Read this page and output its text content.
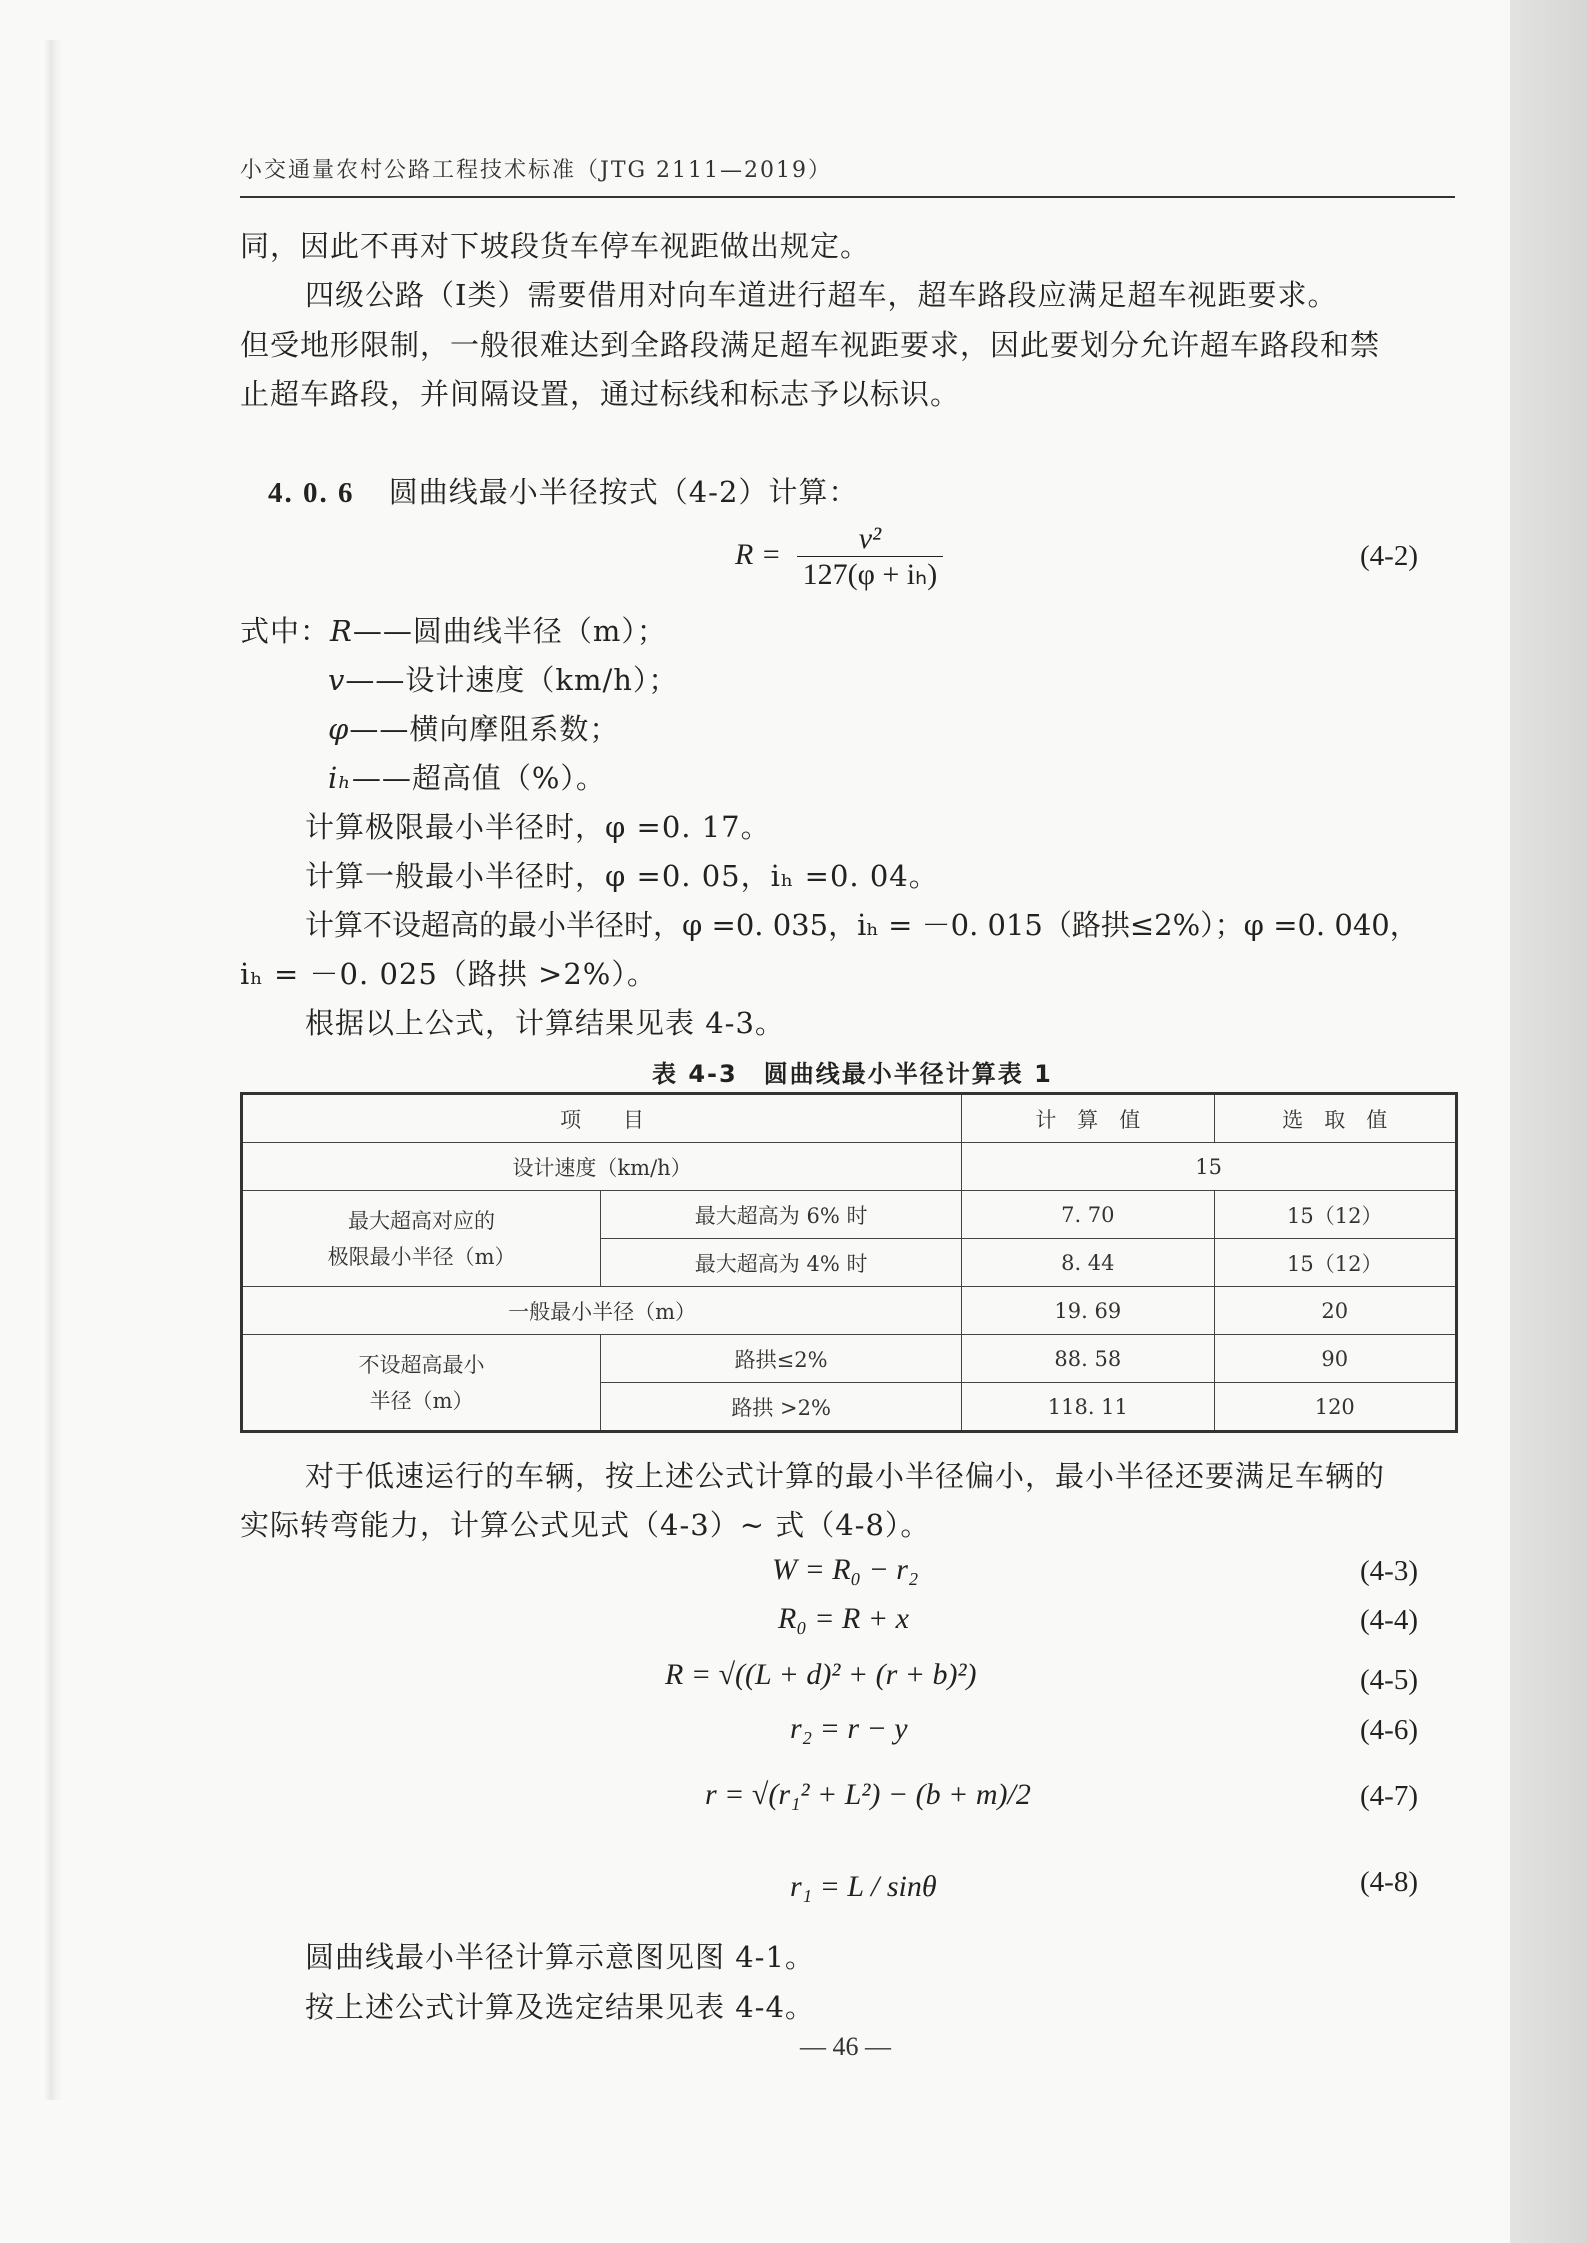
小交通量农村公路工程技术标准（JTG 2111—2019）
同，因此不再对下坡段货车停车视距做出规定。
四级公路（Ⅰ类）需要借用对向车道进行超车，超车路段应满足超车视距要求。
但受地形限制，一般很难达到全路段满足超车视距要求，因此要划分允许超车路段和禁
止超车路段，并间隔设置，通过标线和标志予以标识。
4. 0. 6 圆曲线最小半径按式（4-2）计算：
$R = \frac{\text{v²}}{\text{127(φ + iₕ)}}$	(4-2)
式中：R——圆曲线半径（m）；
v——设计速度（km/h）；
φ——横向摩阻系数；
iₕ——超高值（%）。
计算极限最小半径时，φ =0. 17。
计算一般最小半径时，φ =0. 05，iₕ =0. 04。
计算不设超高的最小半径时，φ =0. 035，iₕ = －0. 015（路拱≤2%）；φ =0. 040，
iₕ = －0. 025（路拱 >2%）。
根据以上公式，计算结果见表 4-3。
表 4-3　圆曲线最小半径计算表 1
项　　目		计　算　值	选　取　值
设计速度（km/h）		15	

最大超高对应的
极限最小半径（m）	最大超高为 6% 时	7. 70	15（12）
	最大超高为 4% 时	8. 44	15（12）
一般最小半径（m）		19. 69	20

不设超高最小
半径（m）	路拱≤2%	88. 58	90
	路拱 >2%	118. 11	120
对于低速运行的车辆，按上述公式计算的最小半径偏小，最小半径还要满足车辆的
实际转弯能力，计算公式见式（4-3）~ 式（4-8）。
W = R₀ − r₂	(4-3)
R₀ = R + x	(4-4)
R = √((L + d)² + (r + b)²)	(4-5)
r₂ = r − y	(4-6)
r = √(r₁² + L²) − (b + m)/2	(4-7)
r₁ = L / sinθ	(4-8)
圆曲线最小半径计算示意图见图 4-1。
按上述公式计算及选定结果见表 4-4。
— 46 —
